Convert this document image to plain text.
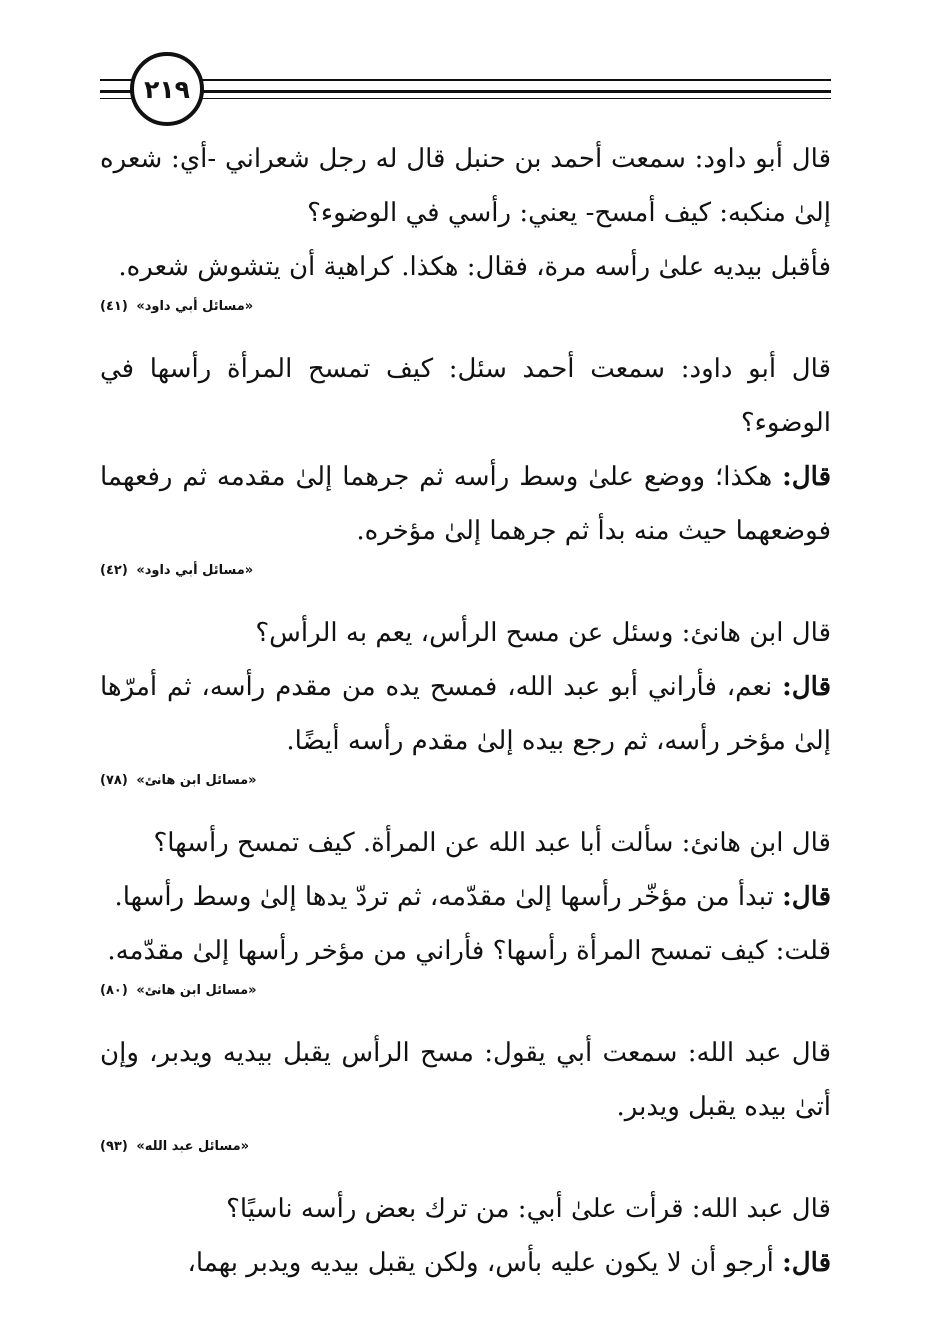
٢١٩

قال أبو داود: سمعت أحمد بن حنبل قال له رجل شعراني -أي: شعره إلىٰ منكبه: كيف أمسح- يعني: رأسي في الوضوء؟

فأقبل بيديه علىٰ رأسه مرة، فقال: هكذا. كراهية أن يتشوش شعره.

«مسائل أبي داود» (٤١)

قال أبو داود: سمعت أحمد سئل: كيف تمسح المرأة رأسها في الوضوء؟

قال: هكذا؛ ووضع علىٰ وسط رأسه ثم جرهما إلىٰ مقدمه ثم رفعهما فوضعهما حيث منه بدأ ثم جرهما إلىٰ مؤخره.

«مسائل أبي داود» (٤٢)

قال ابن هانئ: وسئل عن مسح الرأس، يعم به الرأس؟

قال: نعم، فأراني أبو عبد الله، فمسح يده من مقدم رأسه، ثم أمرّها إلىٰ مؤخر رأسه، ثم رجع بيده إلىٰ مقدم رأسه أيضًا.

«مسائل ابن هانئ» (٧٨)

قال ابن هانئ: سألت أبا عبد الله عن المرأة. كيف تمسح رأسها؟

قال: تبدأ من مؤخّر رأسها إلىٰ مقدّمه، ثم تردّ يدها إلىٰ وسط رأسها.

قلت: كيف تمسح المرأة رأسها؟ فأراني من مؤخر رأسها إلىٰ مقدّمه.

«مسائل ابن هانئ» (٨٠)

قال عبد الله: سمعت أبي يقول: مسح الرأس يقبل بيديه ويدبر، وإن أتىٰ بيده يقبل ويدبر.

«مسائل عبد الله» (٩٣)

قال عبد الله: قرأت علىٰ أبي: من ترك بعض رأسه ناسيًا؟

قال: أرجو أن لا يكون عليه بأس، ولكن يقبل بيديه ويدبر بهما،
